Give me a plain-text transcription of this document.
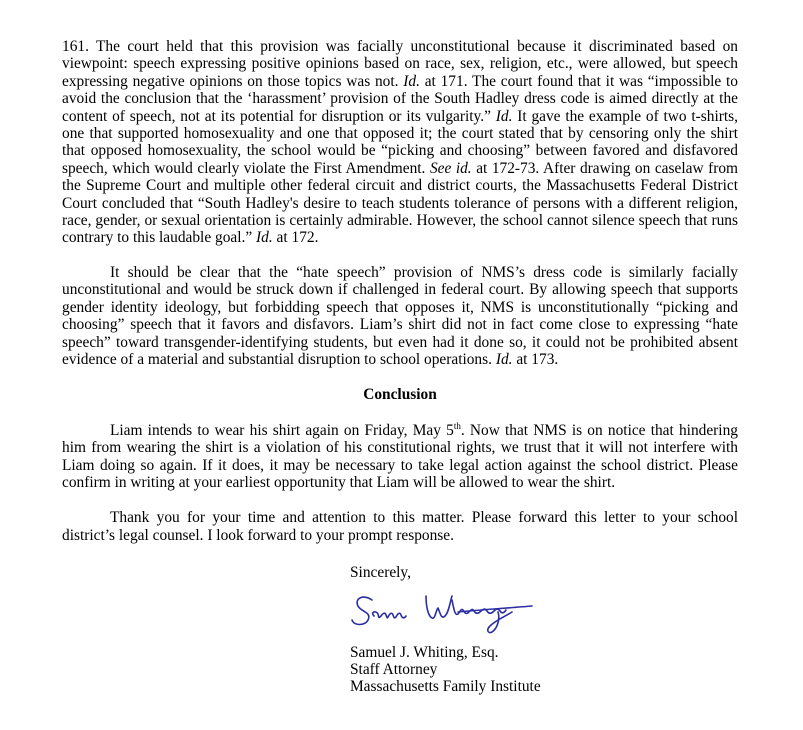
161. The court held that this provision was facially unconstitutional because it discriminated based on viewpoint: speech expressing positive opinions based on race, sex, religion, etc., were allowed, but speech expressing negative opinions on those topics was not. Id. at 171. The court found that it was “impossible to avoid the conclusion that the ‘harassment’ provision of the South Hadley dress code is aimed directly at the content of speech, not at its potential for disruption or its vulgarity.” Id. It gave the example of two t-shirts, one that supported homosexuality and one that opposed it; the court stated that by censoring only the shirt that opposed homosexuality, the school would be “picking and choosing” between favored and disfavored speech, which would clearly violate the First Amendment. See id. at 172-73. After drawing on caselaw from the Supreme Court and multiple other federal circuit and district courts, the Massachusetts Federal District Court concluded that “South Hadley's desire to teach students tolerance of persons with a different religion, race, gender, or sexual orientation is certainly admirable. However, the school cannot silence speech that runs contrary to this laudable goal.” Id. at 172.

It should be clear that the “hate speech” provision of NMS’s dress code is similarly facially unconstitutional and would be struck down if challenged in federal court. By allowing speech that supports gender identity ideology, but forbidding speech that opposes it, NMS is unconstitutionally “picking and choosing” speech that it favors and disfavors. Liam’s shirt did not in fact come close to expressing “hate speech” toward transgender-identifying students, but even had it done so, it could not be prohibited absent evidence of a material and substantial disruption to school operations. Id. at 173.

Conclusion

Liam intends to wear his shirt again on Friday, May 5th. Now that NMS is on notice that hindering him from wearing the shirt is a violation of his constitutional rights, we trust that it will not interfere with Liam doing so again. If it does, it may be necessary to take legal action against the school district. Please confirm in writing at your earliest opportunity that Liam will be allowed to wear the shirt.

Thank you for your time and attention to this matter. Please forward this letter to your school district’s legal counsel. I look forward to your prompt response.

Sincerely,
Samuel J. Whiting, Esq.
Staff Attorney
Massachusetts Family Institute
